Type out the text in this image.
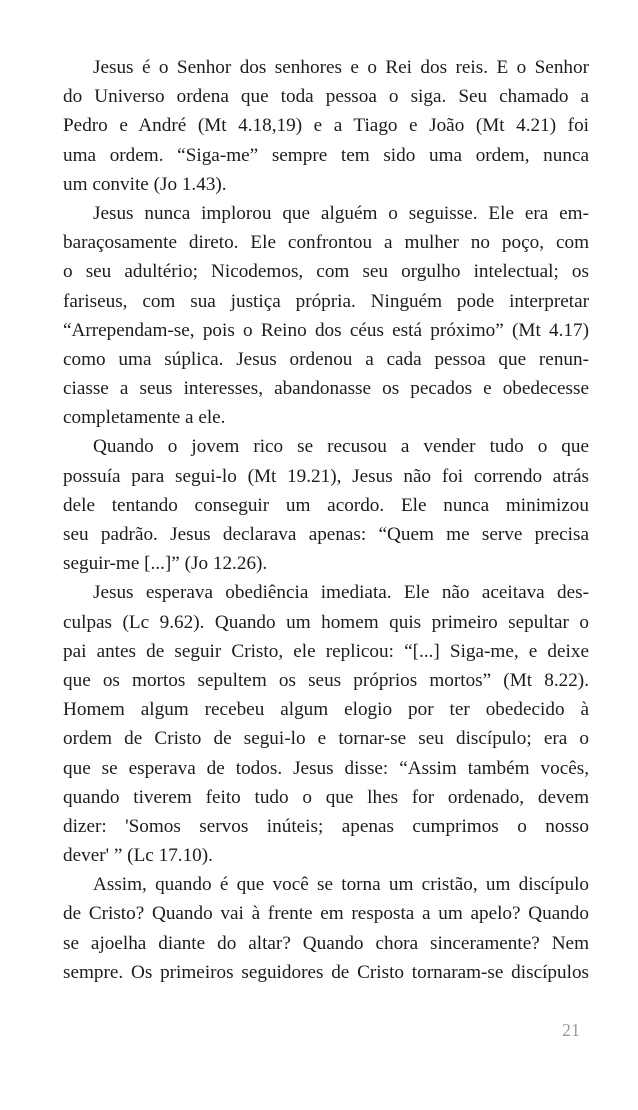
Jesus é o Senhor dos senhores e o Rei dos reis. E o Senhor
do Universo ordena que toda pessoa o siga. Seu chamado a
Pedro e André (Mt 4.18,19) e a Tiago e João (Mt 4.21) foi
uma ordem. “Siga-me” sempre tem sido uma ordem, nunca
um convite (Jo 1.43).
Jesus nunca implorou que alguém o seguisse. Ele era em-
baraçosamente direto. Ele confrontou a mulher no poço, com
o seu adultério; Nicodemos, com seu orgulho intelectual; os
fariseus, com sua justiça própria. Ninguém pode interpretar
“Arrependam-se, pois o Reino dos céus está próximo” (Mt 4.17)
como uma súplica. Jesus ordenou a cada pessoa que renun-
ciasse a seus interesses, abandonasse os pecados e obedecesse
completamente a ele.
Quando o jovem rico se recusou a vender tudo o que
possuía para segui-lo (Mt 19.21), Jesus não foi correndo atrás
dele tentando conseguir um acordo. Ele nunca minimizou
seu padrão. Jesus declarava apenas: “Quem me serve precisa
seguir-me [...]” (Jo 12.26).
Jesus esperava obediência imediata. Ele não aceitava des-
culpas (Lc 9.62). Quando um homem quis primeiro sepultar o
pai antes de seguir Cristo, ele replicou: “[...] Siga-me, e deixe
que os mortos sepultem os seus próprios mortos” (Mt 8.22).
Homem algum recebeu algum elogio por ter obedecido à
ordem de Cristo de segui-lo e tornar-se seu discípulo; era o
que se esperava de todos. Jesus disse: “Assim também vocês,
quando tiverem feito tudo o que lhes for ordenado, devem
dizer: 'Somos servos inúteis; apenas cumprimos o nosso
dever' ” (Lc 17.10).
Assim, quando é que você se torna um cristão, um discípulo
de Cristo? Quando vai à frente em resposta a um apelo? Quando
se ajoelha diante do altar? Quando chora sinceramente? Nem
sempre. Os primeiros seguidores de Cristo tornaram-se discípulos
21
